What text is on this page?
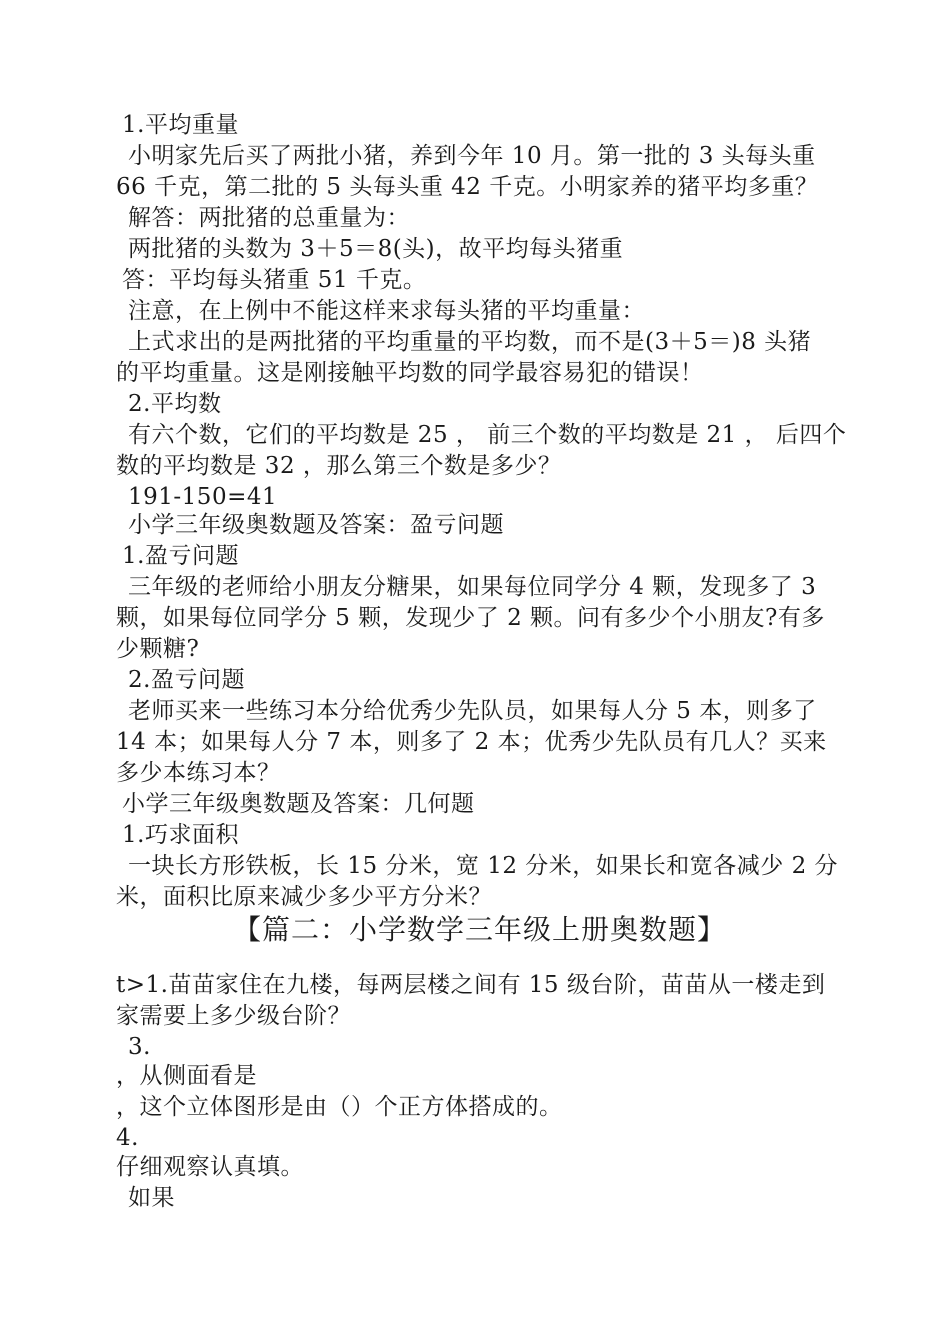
1.平均重量
小明家先后买了两批小猪，养到今年 10 月。第一批的 3 头每头重
66 千克，第二批的 5 头每头重 42 千克。小明家养的猪平均多重？
解答：两批猪的总重量为：
两批猪的头数为 3＋5＝8(头)，故平均每头猪重
答：平均每头猪重 51 千克。
注意，在上例中不能这样来求每头猪的平均重量：
上式求出的是两批猪的平均重量的平均数，而不是(3＋5＝)8 头猪
的平均重量。这是刚接触平均数的同学最容易犯的错误！
2.平均数
有六个数，它们的平均数是 25 ， 前三个数的平均数是 21 ， 后四个
数的平均数是 32 ，那么第三个数是多少？
191-150=41
小学三年级奥数题及答案：盈亏问题
1.盈亏问题
三年级的老师给小朋友分糖果，如果每位同学分 4 颗，发现多了 3
颗，如果每位同学分 5 颗，发现少了 2 颗。问有多少个小朋友?有多
少颗糖?
2.盈亏问题
老师买来一些练习本分给优秀少先队员，如果每人分 5 本，则多了
14 本；如果每人分 7 本，则多了 2 本；优秀少先队员有几人？买来
多少本练习本？
小学三年级奥数题及答案：几何题
1.巧求面积
一块长方形铁板，长 15 分米，宽 12 分米，如果长和宽各减少 2 分
米，面积比原来减少多少平方分米？
【篇二：小学数学三年级上册奥数题】
t>1.苗苗家住在九楼，每两层楼之间有 15 级台阶，苗苗从一楼走到
家需要上多少级台阶？
3.
，从侧面看是
，这个立体图形是由（）个正方体搭成的。
4.
仔细观察认真填。
如果
